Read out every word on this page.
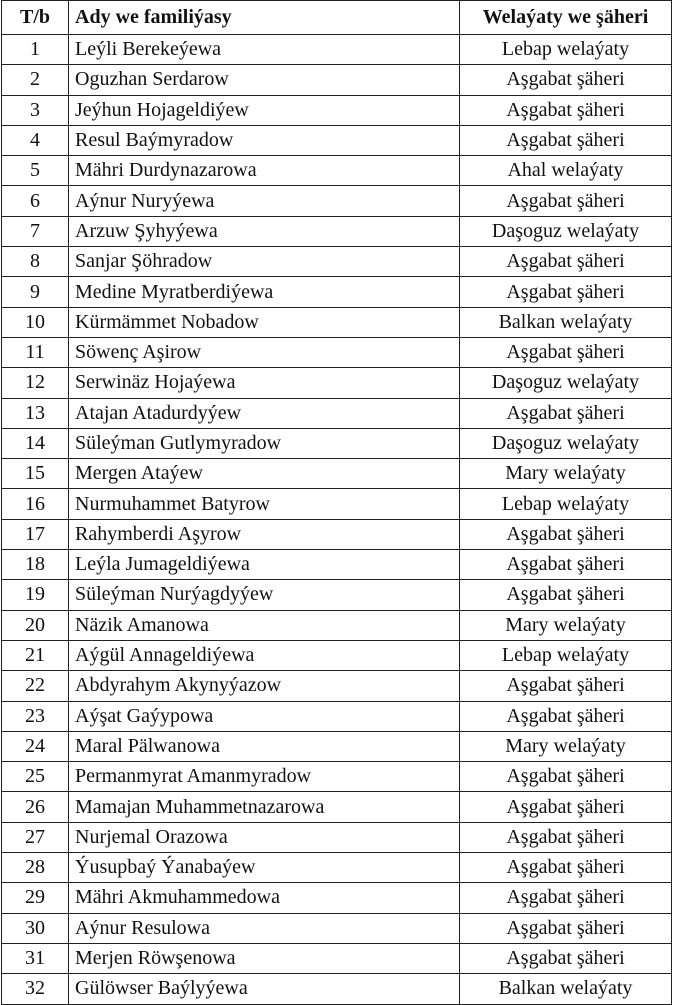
T/b	Ady we familiýasy	Welaýaty we şäheri
1	Leýli Berekeýewa	Lebap welaýaty
2	Oguzhan Serdarow	Aşgabat şäheri
3	Jeýhun Hojageldiýew	Aşgabat şäheri
4	Resul Baýmyradow	Aşgabat şäheri
5	Mähri Durdynazarowa	Ahal welaýaty
6	Aýnur Nuryýewa	Aşgabat şäheri
7	Arzuw Şyhyýewa	Daşoguz welaýaty
8	Sanjar Şöhradow	Aşgabat şäheri
9	Medine Myratberdiýewa	Aşgabat şäheri
10	Kürmämmet Nobadow	Balkan welaýaty
11	Söwenç Aşirow	Aşgabat şäheri
12	Serwinäz Hojaýewa	Daşoguz welaýaty
13	Atajan Atadurdyýew	Aşgabat şäheri
14	Süleýman Gutlymyradow	Daşoguz welaýaty
15	Mergen Ataýew	Mary welaýaty
16	Nurmuhammet Batyrow	Lebap welaýaty
17	Rahymberdi Aşyrow	Aşgabat şäheri
18	Leýla Jumageldiýewa	Aşgabat şäheri
19	Süleýman Nurýagdyýew	Aşgabat şäheri
20	Näzik Amanowa	Mary welaýaty
21	Aýgül Annageldiýewa	Lebap welaýaty
22	Abdyrahym Akynyýazow	Aşgabat şäheri
23	Aýşat Gaýypowa	Aşgabat şäheri
24	Maral Pälwanowa	Mary welaýaty
25	Permanmyrat Amanmyradow	Aşgabat şäheri
26	Mamajan Muhammetnazarowa	Aşgabat şäheri
27	Nurjemal Orazowa	Aşgabat şäheri
28	Ýusupbaý Ýanabaýew	Aşgabat şäheri
29	Mähri Akmuhammedowa	Aşgabat şäheri
30	Aýnur Resulowa	Aşgabat şäheri
31	Merjen Röwşenowa	Aşgabat şäheri
32	Gülöwser Baýlyýewa	Balkan welaýaty
